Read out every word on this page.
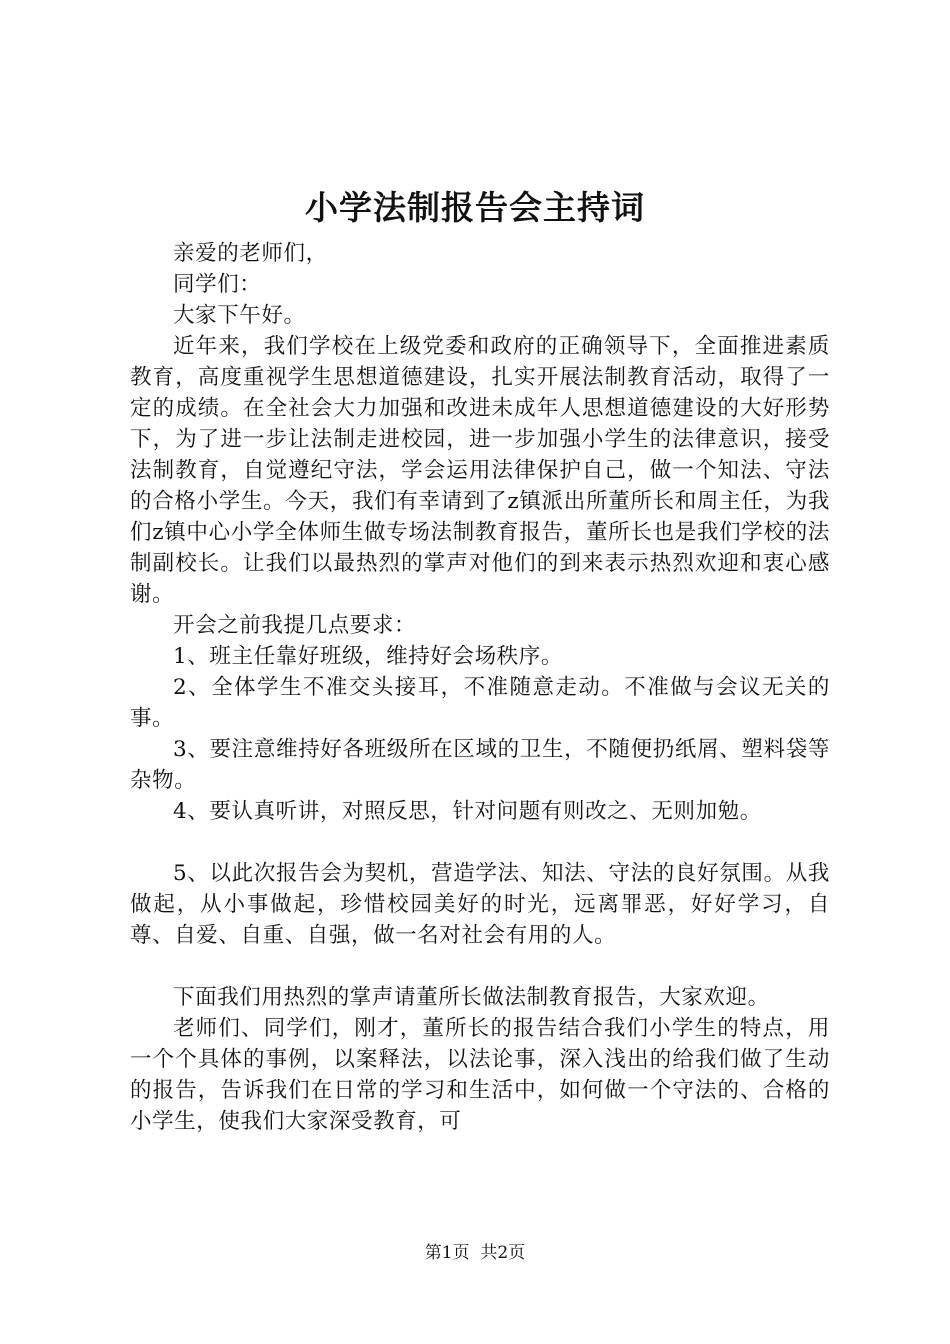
小学法制报告会主持词

亲爱的老师们，

同学们：

大家下午好。

近年来，我们学校在上级党委和政府的正确领导下，全面推进素质教育，高度重视学生思想道德建设，扎实开展法制教育活动，取得了一定的成绩。在全社会大力加强和改进未成年人思想道德建设的大好形势下，为了进一步让法制走进校园，进一步加强小学生的法律意识，接受法制教育，自觉遵纪守法，学会运用法律保护自己，做一个知法、守法的合格小学生。今天，我们有幸请到了z镇派出所董所长和周主任，为我们z镇中心小学全体师生做专场法制教育报告，董所长也是我们学校的法制副校长。让我们以最热烈的掌声对他们的到来表示热烈欢迎和衷心感谢。

开会之前我提几点要求：

1、班主任靠好班级，维持好会场秩序。

2、全体学生不准交头接耳，不准随意走动。不准做与会议无关的事。

3、要注意维持好各班级所在区域的卫生，不随便扔纸屑、塑料袋等杂物。

4、要认真听讲，对照反思，针对问题有则改之、无则加勉。

5、以此次报告会为契机，营造学法、知法、守法的良好氛围。从我做起，从小事做起，珍惜校园美好的时光，远离罪恶，好好学习，自尊、自爱、自重、自强，做一名对社会有用的人。

下面我们用热烈的掌声请董所长做法制教育报告，大家欢迎。

老师们、同学们，刚才，董所长的报告结合我们小学生的特点，用一个个具体的事例，以案释法，以法论事，深入浅出的给我们做了生动的报告，告诉我们在日常的学习和生活中，如何做一个守法的、合格的小学生，使我们大家深受教育，可

第1页 共2页
